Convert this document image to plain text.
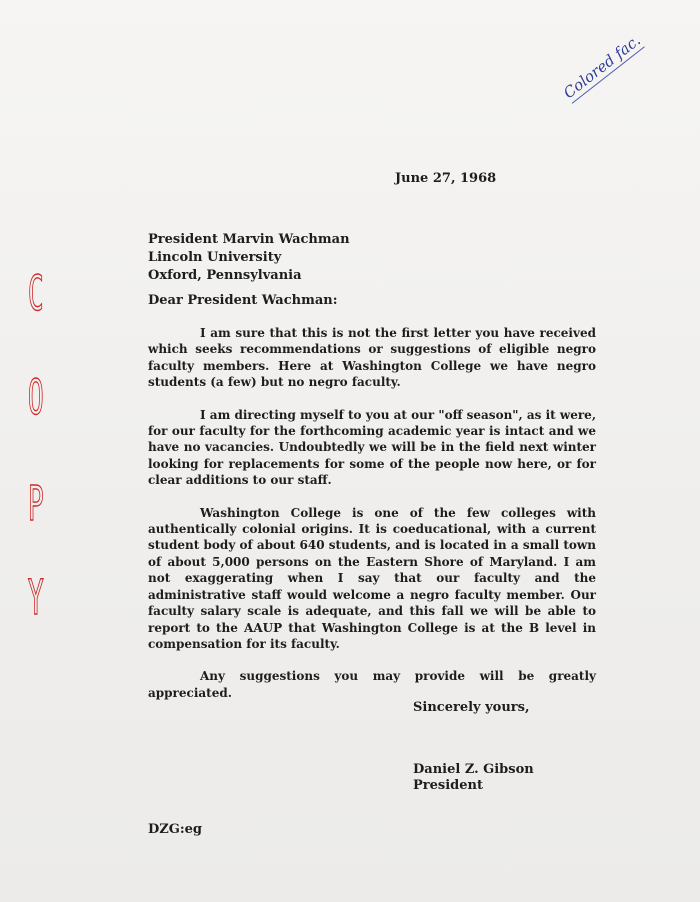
Colored fac.
C
O
P
Y
June 27, 1968
President Marvin Wachman
Lincoln University
Oxford, Pennsylvania
Dear President Wachman:

I am sure that this is not the first letter you have received which seeks recommendations or suggestions of eligible negro faculty members. Here at Washington College we have negro students (a few) but no negro faculty.

I am directing myself to you at our "off season", as it were, for our faculty for the forthcoming academic year is intact and we have no vacancies. Undoubtedly we will be in the field next winter looking for replacements for some of the people now here, or for clear additions to our staff.

Washington College is one of the few colleges with authentically colonial origins. It is coeducational, with a current student body of about 640 students, and is located in a small town of about 5,000 persons on the Eastern Shore of Maryland. I am not exaggerating when I say that our faculty and the administrative staff would welcome a negro faculty member. Our faculty salary scale is adequate, and this fall we will be able to report to the AAUP that Washington College is at the B level in compensation for its faculty.

Any suggestions you may provide will be greatly appreciated.

Sincerely yours,
Daniel Z. Gibson
President
DZG:eg
